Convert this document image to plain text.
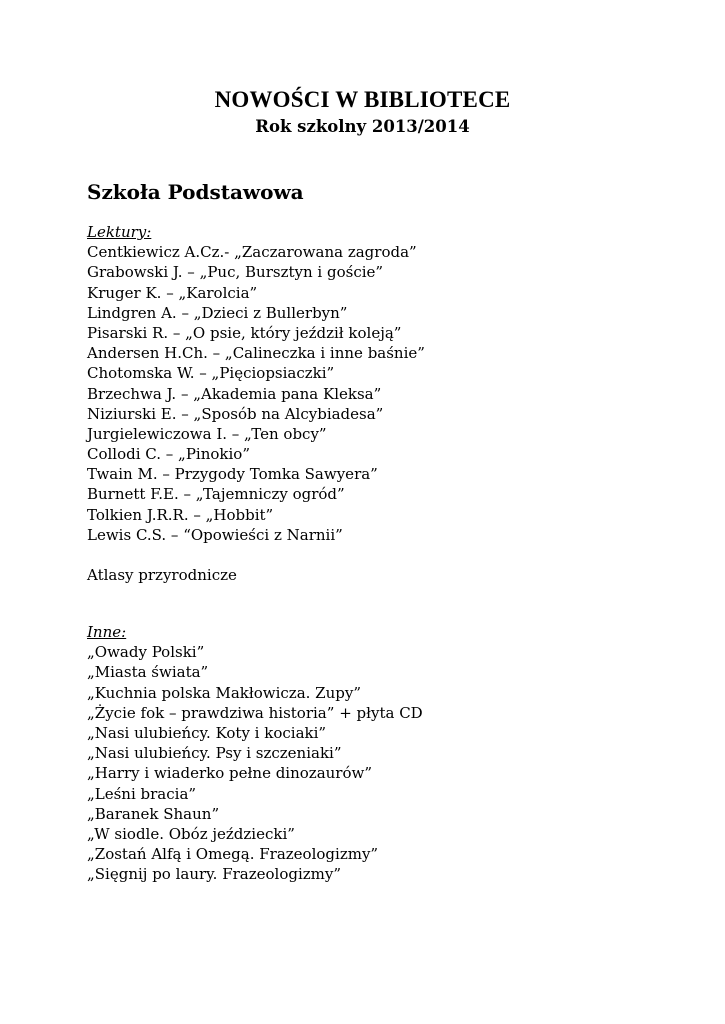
NOWOŚCI W BIBLIOTECE
Rok szkolny 2013/2014
Szkoła Podstawowa
Lektury:
Centkiewicz A.Cz.- „Zaczarowana zagroda”
Grabowski J. – „Puc, Bursztyn i goście”
Kruger K. – „Karolcia”
Lindgren A. – „Dzieci z Bullerbyn”
Pisarski R. – „O psie, który jeździł koleją”
Andersen H.Ch. – „Calineczka i inne baśnie”
Chotomska W. – „Pięciopsiaczki”
Brzechwa J. – „Akademia pana Kleksa”
Niziurski E. – „Sposób na Alcybiadesa”
Jurgielewiczowa I. – „Ten obcy”
Collodi C. – „Pinokio”
Twain M. – Przygody Tomka Sawyera”
Burnett F.E. – „Tajemniczy ogród”
Tolkien J.R.R. – „Hobbit”
Lewis C.S. – “Opowieści z Narnii”
Atlasy przyrodnicze
Inne:
„Owady Polski”
„Miasta świata”
„Kuchnia polska Makłowicza. Zupy”
„Życie fok – prawdziwa historia” + płyta CD
„Nasi ulubieńcy. Koty i kociaki”
„Nasi ulubieńcy. Psy i szczeniaki”
„Harry i wiaderko pełne dinozaurów”
„Leśni bracia”
„Baranek Shaun”
„W siodle. Obóz jeździecki”
„Zostań Alfą i Omegą. Frazeologizmy”
„Sięgnij po laury. Frazeologizmy”
